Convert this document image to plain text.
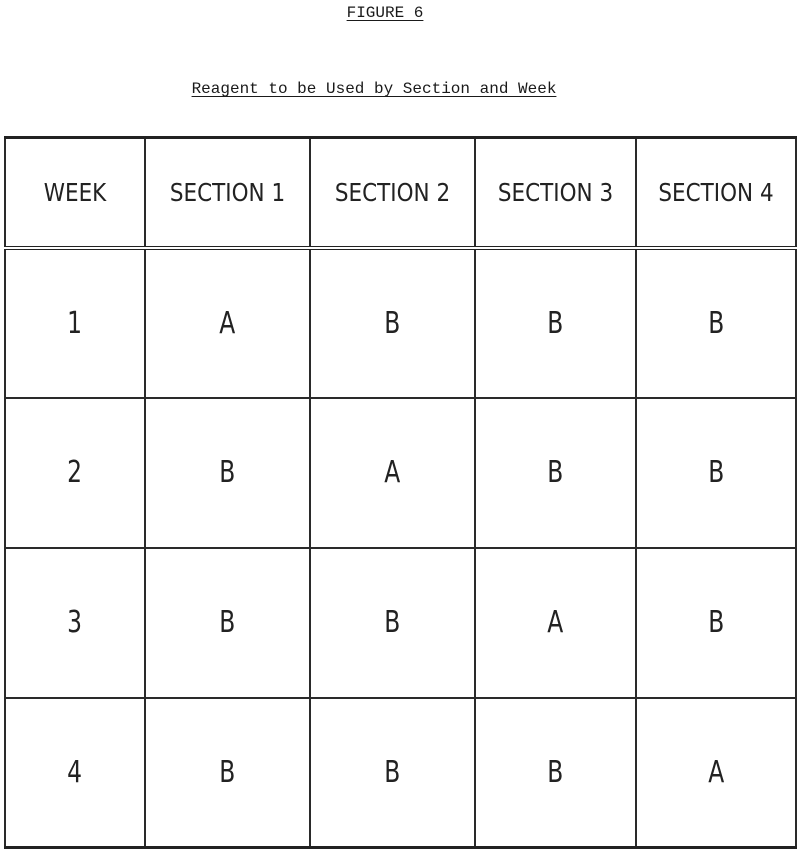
FIGURE 6
Reagent to be Used by Section and Week
WEEK	SECTION 1	SECTION 2	SECTION 3	SECTION 4
1	A	B	B	B
2	B	A	B	B
3	B	B	A	B
4	B	B	B	A
